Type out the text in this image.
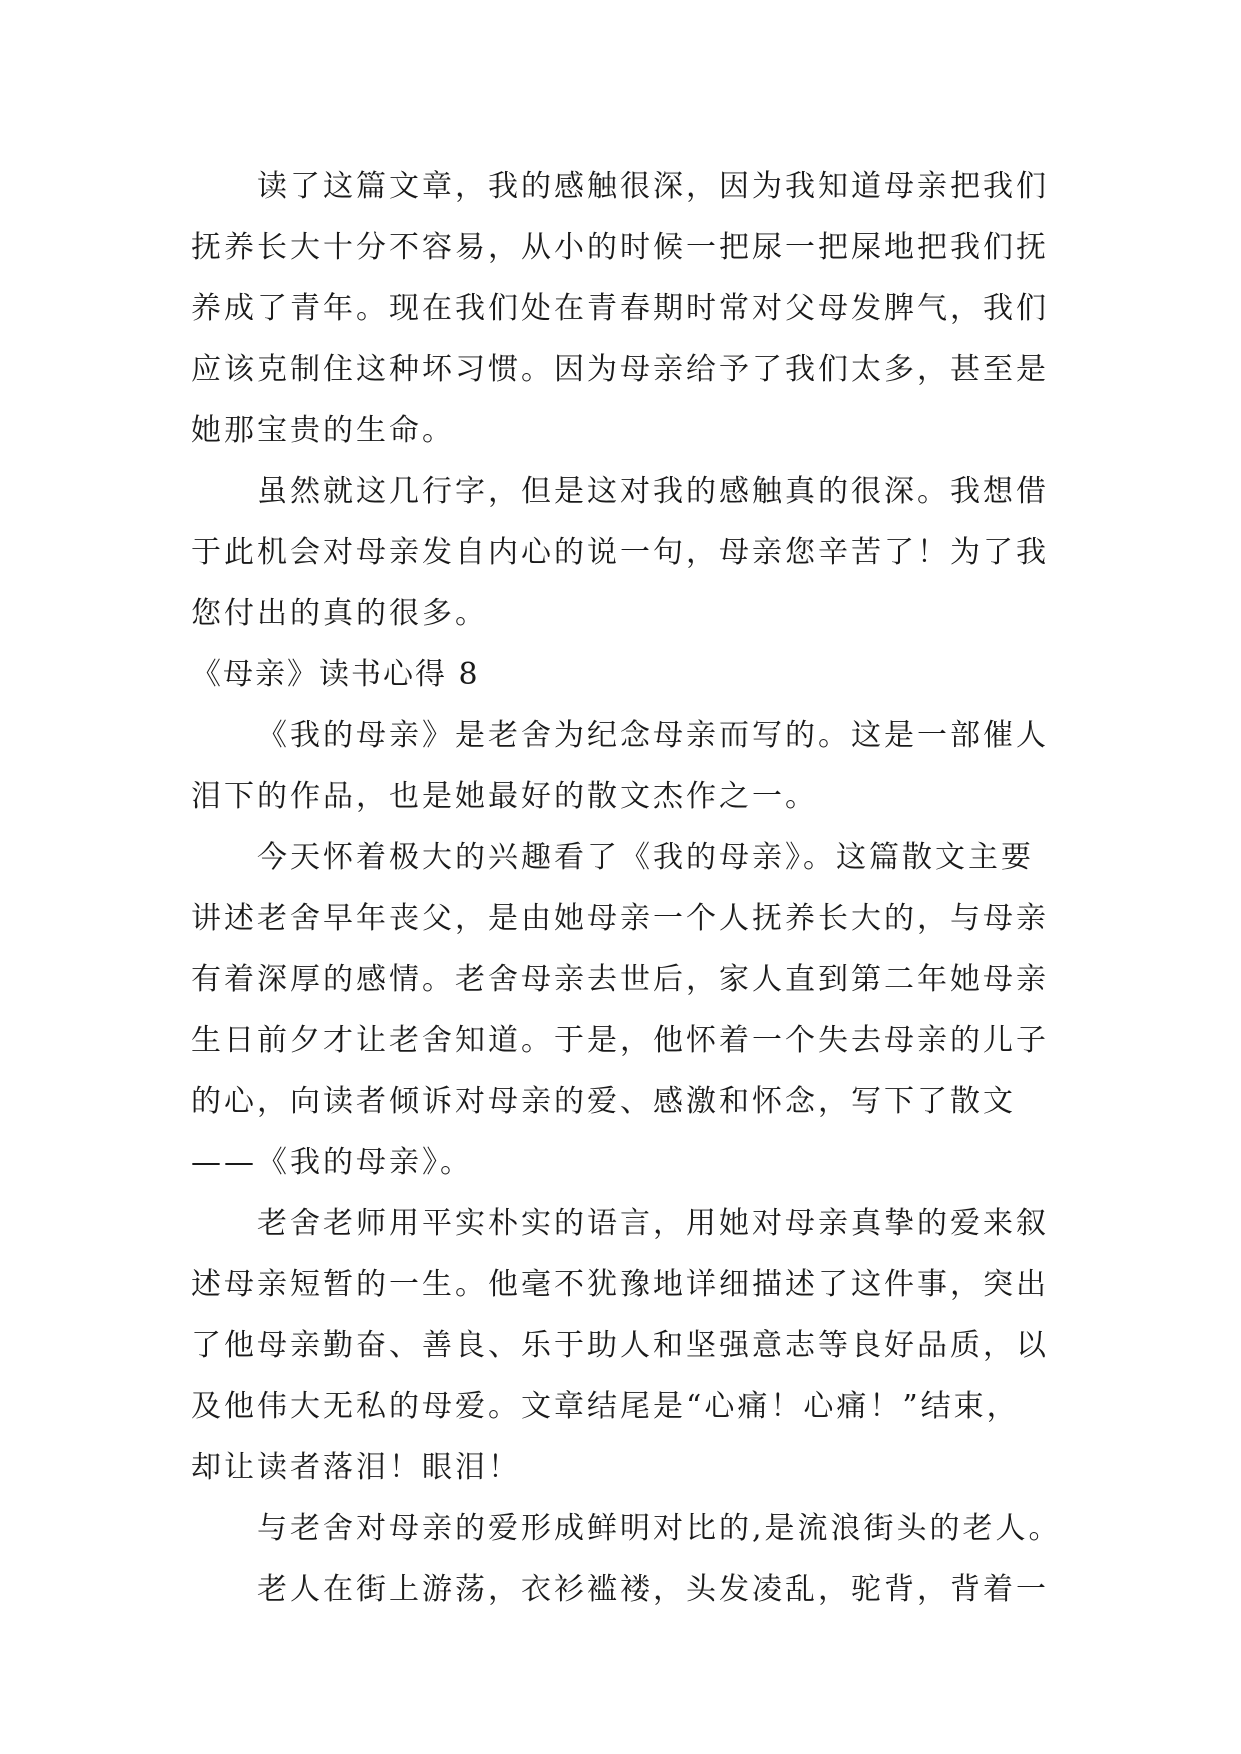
读了这篇文章，我的感触很深，因为我知道母亲把我们
抚养长大十分不容易，从小的时候一把尿一把屎地把我们抚
养成了青年。现在我们处在青春期时常对父母发脾气，我们
应该克制住这种坏习惯。因为母亲给予了我们太多，甚至是
她那宝贵的生命。
虽然就这几行字，但是这对我的感触真的很深。我想借
于此机会对母亲发自内心的说一句，母亲您辛苦了！为了我
您付出的真的很多。
《母亲》读书心得 8
《我的母亲》是老舍为纪念母亲而写的。这是一部催人
泪下的作品，也是她最好的散文杰作之一。
今天怀着极大的兴趣看了《我的母亲》。这篇散文主要
讲述老舍早年丧父，是由她母亲一个人抚养长大的，与母亲
有着深厚的感情。老舍母亲去世后，家人直到第二年她母亲
生日前夕才让老舍知道。于是，他怀着一个失去母亲的儿子
的心，向读者倾诉对母亲的爱、感激和怀念，写下了散文
——《我的母亲》。
老舍老师用平实朴实的语言，用她对母亲真挚的爱来叙
述母亲短暂的一生。他毫不犹豫地详细描述了这件事，突出
了他母亲勤奋、善良、乐于助人和坚强意志等良好品质，以
及他伟大无私的母爱。文章结尾是“心痛！心痛！”结束，
却让读者落泪！眼泪！
与老舍对母亲的爱形成鲜明对比的,是流浪街头的老人。
老人在街上游荡，衣衫褴褛，头发凌乱，驼背，背着一
